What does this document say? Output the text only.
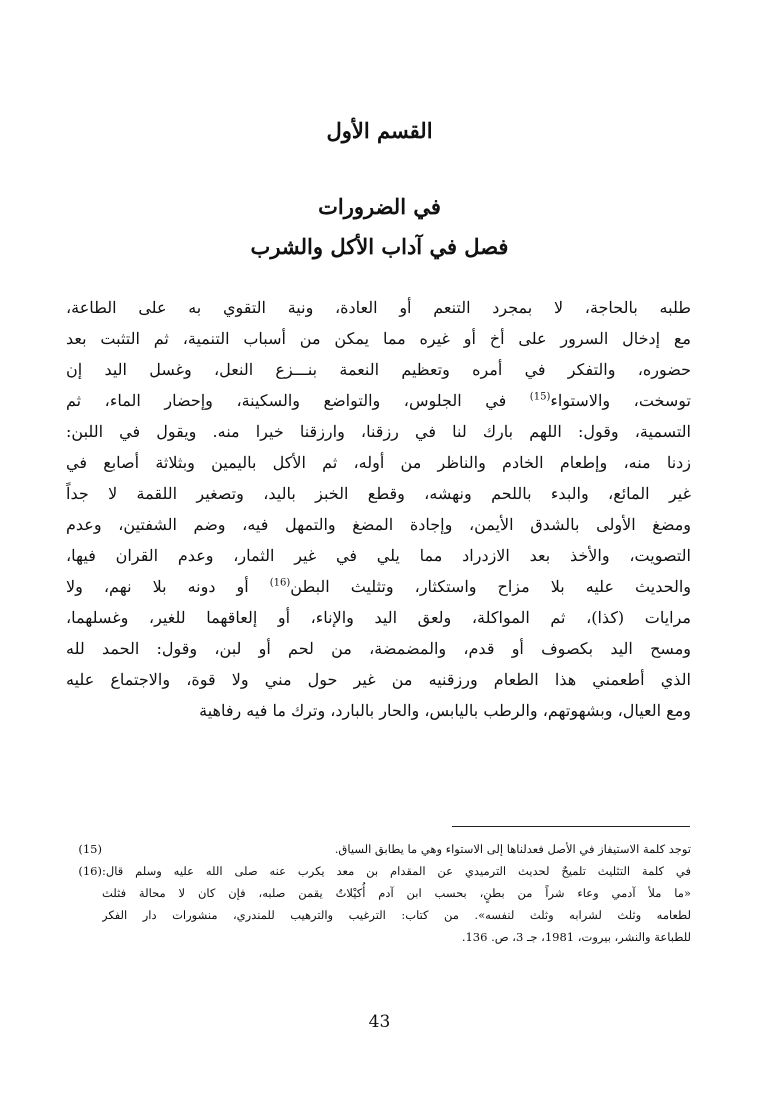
القسم الأول
في الضرورات
فصل في آداب الأكل والشرب
طلبه بالحاجة، لا بمجرد التنعم أو العادة، ونية التقوي به على الطاعة،
مع إدخال السرور على أخ أو غيره مما يمكن من أسباب التنمية، ثم التثبت بعد
حضوره، والتفكر في أمره وتعظيم النعمة بنـــزع النعل، وغسل اليد إن
توسخت، والاستواء$^{(15)}$ في الجلوس، والتواضع والسكينة، وإحضار الماء، ثم
التسمية، وقول: اللهم بارك لنا في رزقنا، وارزقنا خيرا منه. ويقول في اللبن:
زدنا منه، وإطعام الخادم والناظر من أوله، ثم الأكل باليمين وبثلاثة أصابع في
غير المائع، والبدء باللحم ونهشه، وقطع الخبز باليد، وتصغير اللقمة لا جداً
ومضغ الأولى بالشدق الأيمن، وإجادة المضغ والتمهل فيه، وضم الشفتين، وعدم
التصويت، والأخذ بعد الازدراد مما يلي في غير الثمار، وعدم القران فيها،
والحديث عليه بلا مزاح واستكثار، وتثليث البطن$^{(16)}$ أو دونه بلا نهم، ولا
مرايات (كذا)، ثم المواكلة، ولعق اليد والإناء، أو إلعاقهما للغير، وغسلهما،
ومسح اليد بكصوف أو قدم، والمضمضة، من لحم أو لبن، وقول: الحمد لله
الذي أطعمني هذا الطعام ورزقنيه من غير حول مني ولا قوة، والاجتماع عليه
ومع العيال، وبشهوتهم، والرطب باليابس، والحار بالبارد، وترك ما فيه رفاهية
توجد كلمة الاستيفاز في الأصل فعدلناها إلى الاستواء وهي ما يطابق السياق.
(15)
في كلمة التثليث تلميحٌ لحديث الترميدي عن المقدام بن معد يكرب عنه صلى الله عليه وسلم قال:
«ما ملأ آدمي وعاء شراً من بطنٍ، بحسب ابن آدم أُكيْلاتٌ يقمن صلبه، فإن كان لا محالة فثلث
لطعامه وثلث لشرابه وثلث لنفسه». من كتاب: الترغيب والترهيب للمندري، منشورات دار الفكر
للطباعة والنشر، بيروت، 1981، جـ 3، ص. 136.
(16)
43
